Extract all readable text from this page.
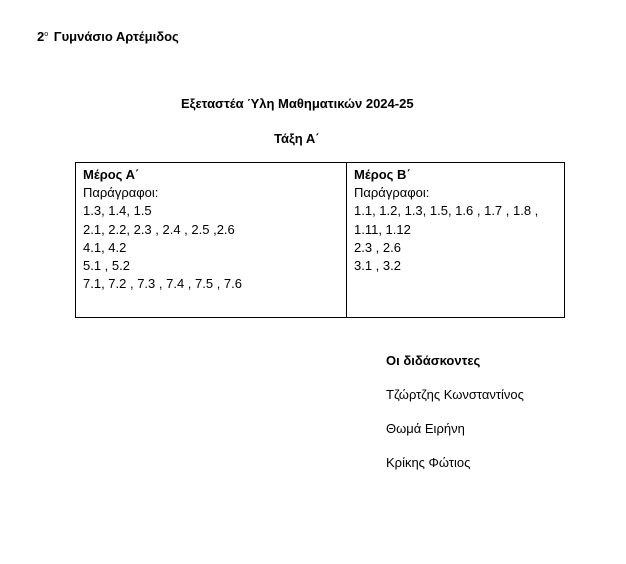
$2^o$ Γυμνάσιο Αρτέμιδος
Εξεταστέα Ύλη Μαθηματικών 2024-25
Τάξη Α΄
Μέρος Α΄
Παράγραφοι:
1.3, 1.4, 1.5
2.1, 2.2, 2.3 , 2.4 , 2.5 ,2.6
4.1, 4.2
5.1 , 5.2
7.1, 7.2 , 7.3 , 7.4 , 7.5 , 7.6

Μέρος Β΄
Παράγραφοι:
1.1, 1.2, 1.3, 1.5, 1.6 , 1.7 , 1.8 ,
1.11, 1.12
2.3 , 2.6
3.1 , 3.2
Οι διδάσκοντες
Τζώρτζης Κωνσταντίνος
Θωμά Ειρήνη
Κρίκης Φώτιος
